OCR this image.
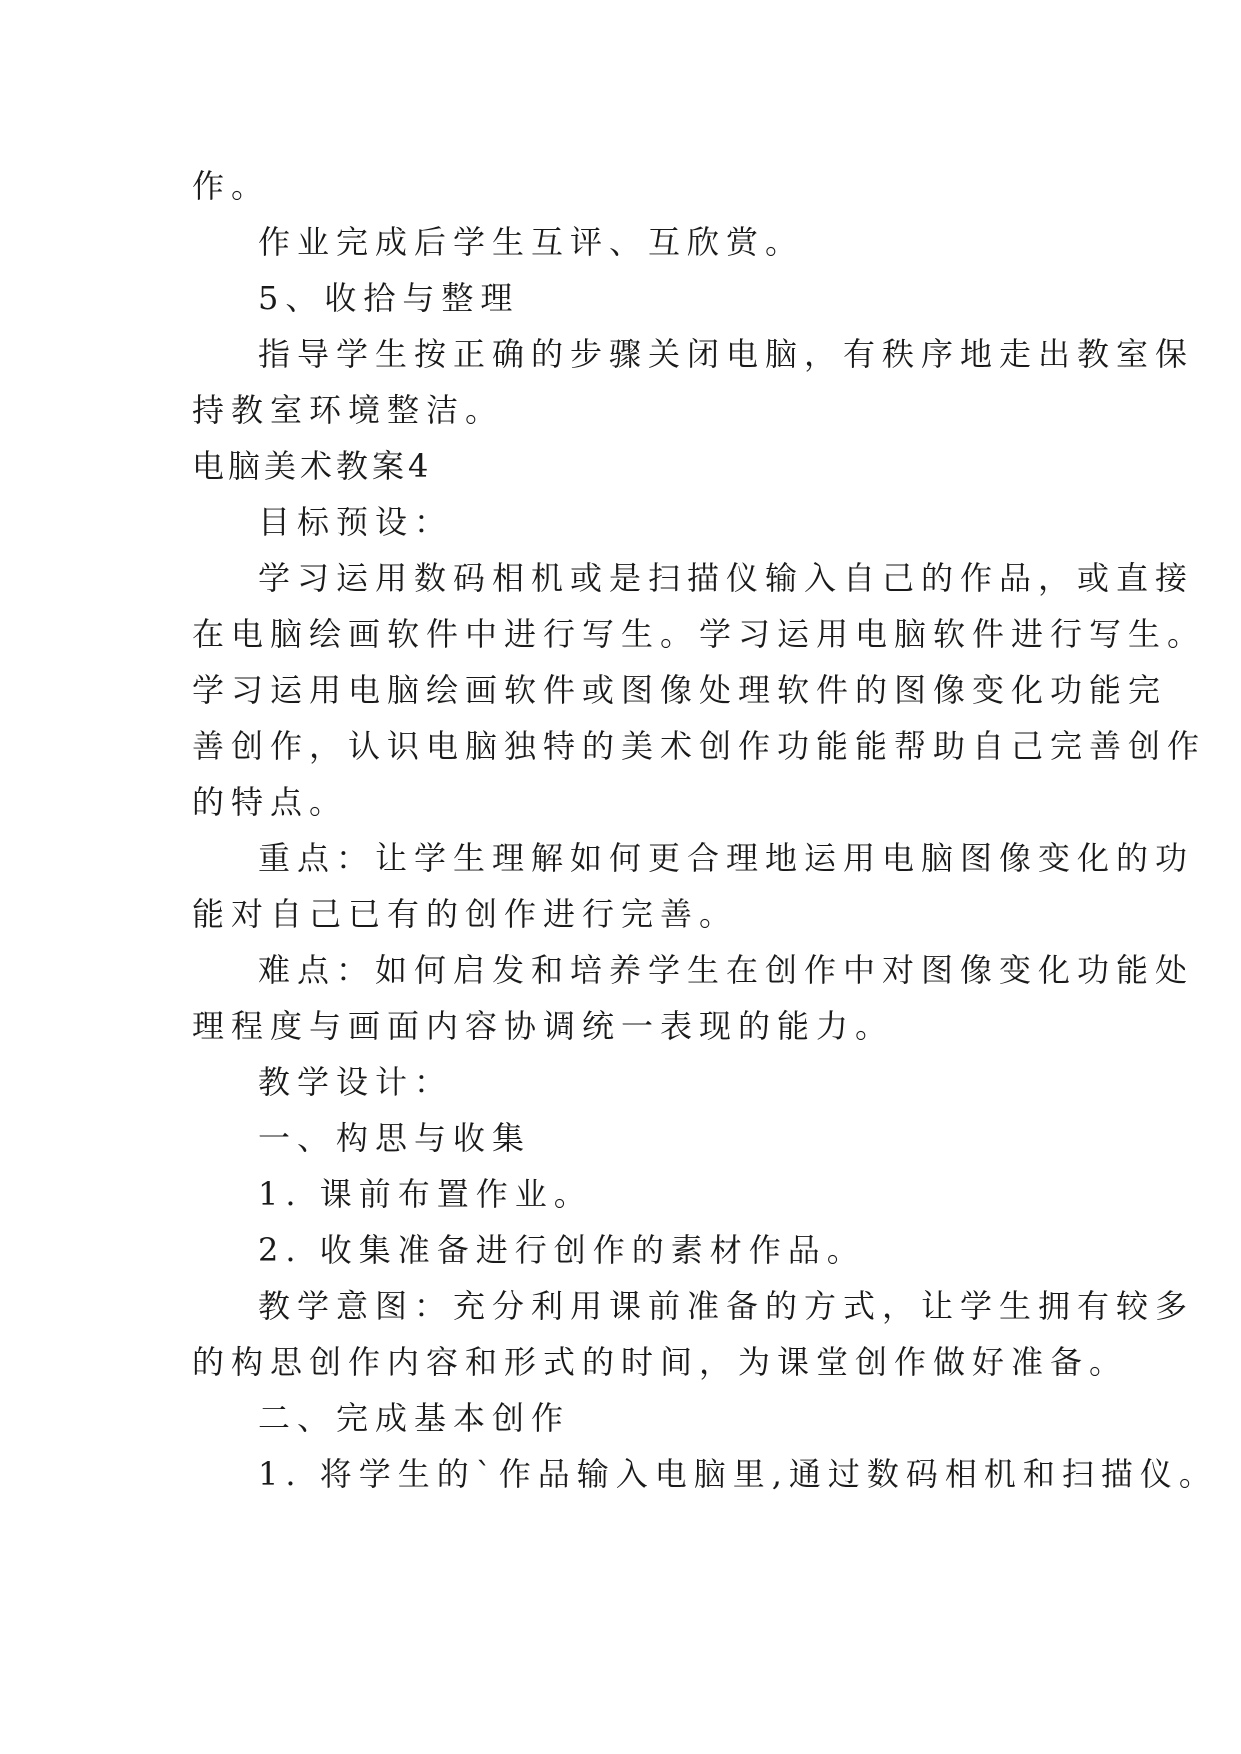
作。
作业完成后学生互评、互欣赏。
5、收拾与整理
指导学生按正确的步骤关闭电脑，有秩序地走出教室保
持教室环境整洁。
电脑美术教案4
目标预设：
学习运用数码相机或是扫描仪输入自己的作品，或直接
在电脑绘画软件中进行写生。学习运用电脑软件进行写生。
学习运用电脑绘画软件或图像处理软件的图像变化功能完
善创作，认识电脑独特的美术创作功能能帮助自己完善创作
的特点。
重点：让学生理解如何更合理地运用电脑图像变化的功
能对自己已有的创作进行完善。
难点：如何启发和培养学生在创作中对图像变化功能处
理程度与画面内容协调统一表现的能力。
教学设计：
一、构思与收集
1. 课前布置作业。
2. 收集准备进行创作的素材作品。
教学意图：充分利用课前准备的方式，让学生拥有较多
的构思创作内容和形式的时间，为课堂创作做好准备。
二、完成基本创作
1. 将学生的`作品输入电脑里,通过数码相机和扫描仪。
